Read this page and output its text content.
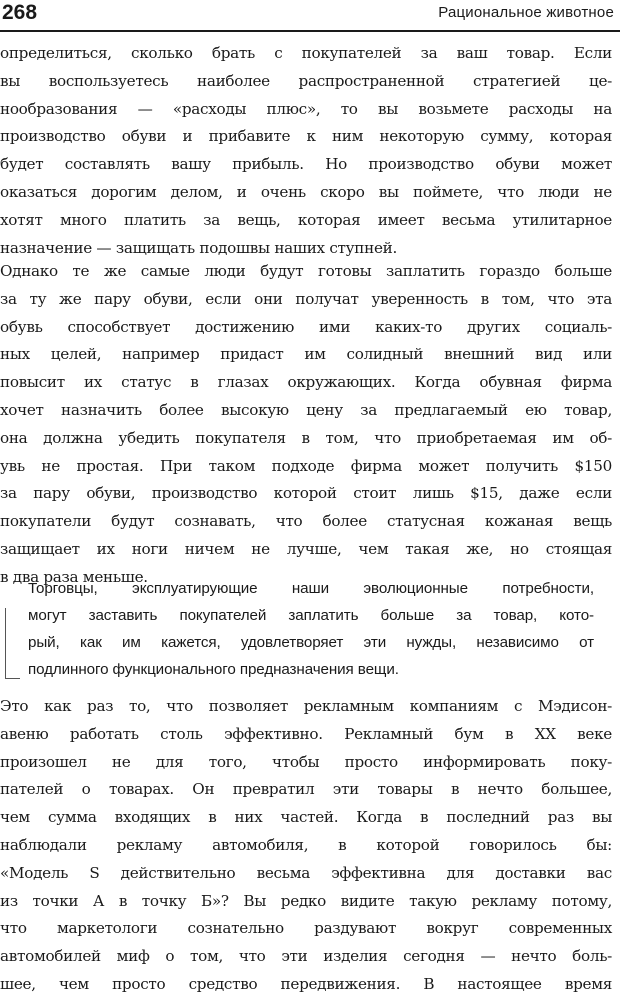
268	Рациональное животное

определиться, сколько брать с покупателей за ваш товар. Если
вы воспользуетесь наиболее распространенной стратегией це-
нообразования — «расходы плюс», то вы возьмете расходы на
производство обуви и прибавите к ним некоторую сумму, которая
будет составлять вашу прибыль. Но производство обуви может
оказаться дорогим делом, и очень скоро вы поймете, что люди не
хотят много платить за вещь, которая имеет весьма утилитарное
назначение — защищать подошвы наших ступней.

Однако те же самые люди будут готовы заплатить гораздо больше
за ту же пару обуви, если они получат уверенность в том, что эта
обувь способствует достижению ими каких-то других социаль-
ных целей, например придаст им солидный внешний вид или
повысит их статус в глазах окружающих. Когда обувная фирма
хочет назначить более высокую цену за предлагаемый ею товар,
она должна убедить покупателя в том, что приобретаемая им об-
увь не простая. При таком подходе фирма может получить $150
за пару обуви, производство которой стоит лишь $15, даже если
покупатели будут сознавать, что более статусная кожаная вещь
защищает их ноги ничем не лучше, чем такая же, но стоящая
в два раза меньше.

Торговцы, эксплуатирующие наши эволюционные потребности,
могут заставить покупателей заплатить больше за товар, кото-
рый, как им кажется, удовлетворяет эти нужды, независимо от
подлинного функционального предназначения вещи.

Это как раз то, что позволяет рекламным компаниям с Мэдисон-
авеню работать столь эффективно. Рекламный бум в XX веке
произошел не для того, чтобы просто информировать поку-
пателей о товарах. Он превратил эти товары в нечто большее,
чем сумма входящих в них частей. Когда в последний раз вы
наблюдали рекламу автомобиля, в которой говорилось бы:
«Модель S действительно весьма эффективна для доставки вас
из точки А в точку Б»? Вы редко видите такую рекламу потому,
что маркетологи сознательно раздувают вокруг современных
автомобилей миф о том, что эти изделия сегодня — нечто боль-
шее, чем просто средство передвижения. В настоящее время
